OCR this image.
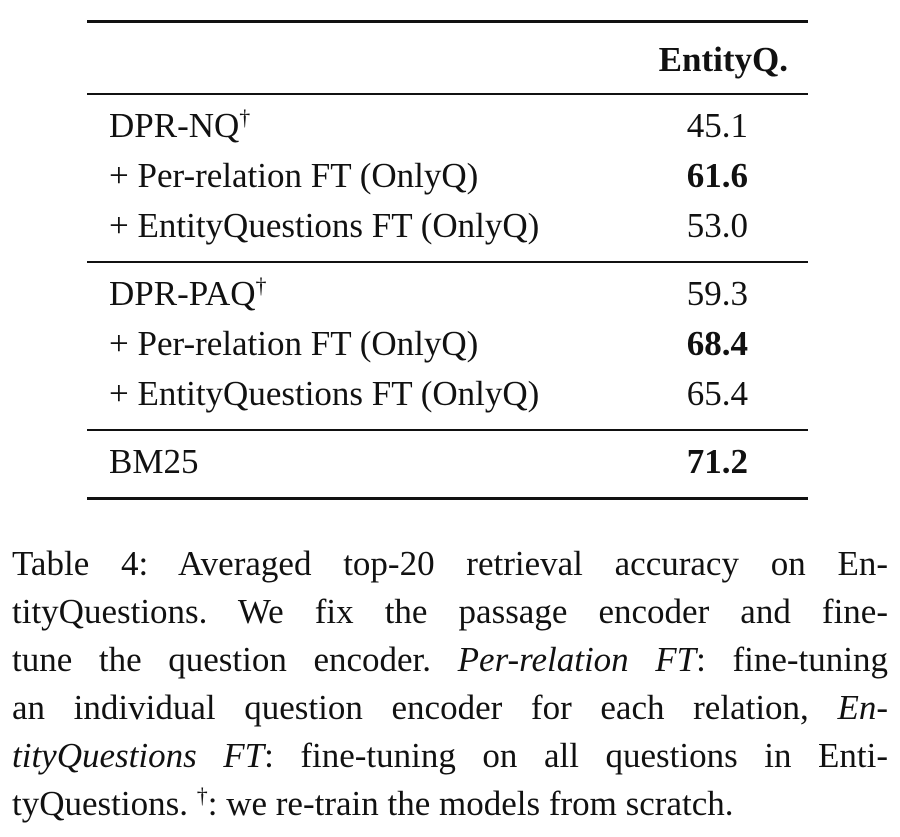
EntityQ.
DPR-NQ†	45.1
+ Per-relation FT (OnlyQ)	61.6
+ EntityQuestions FT (OnlyQ)	53.0
DPR-PAQ†	59.3
+ Per-relation FT (OnlyQ)	68.4
+ EntityQuestions FT (OnlyQ)	65.4
BM25	71.2
Table 4: Averaged top-20 retrieval accuracy on En-
tityQuestions. We fix the passage encoder and fine-
tune the question encoder. Per-relation FT: fine-tuning
an individual question encoder for each relation, En-
tityQuestions FT: fine-tuning on all questions in Enti-
tyQuestions. †: we re-train the models from scratch.
